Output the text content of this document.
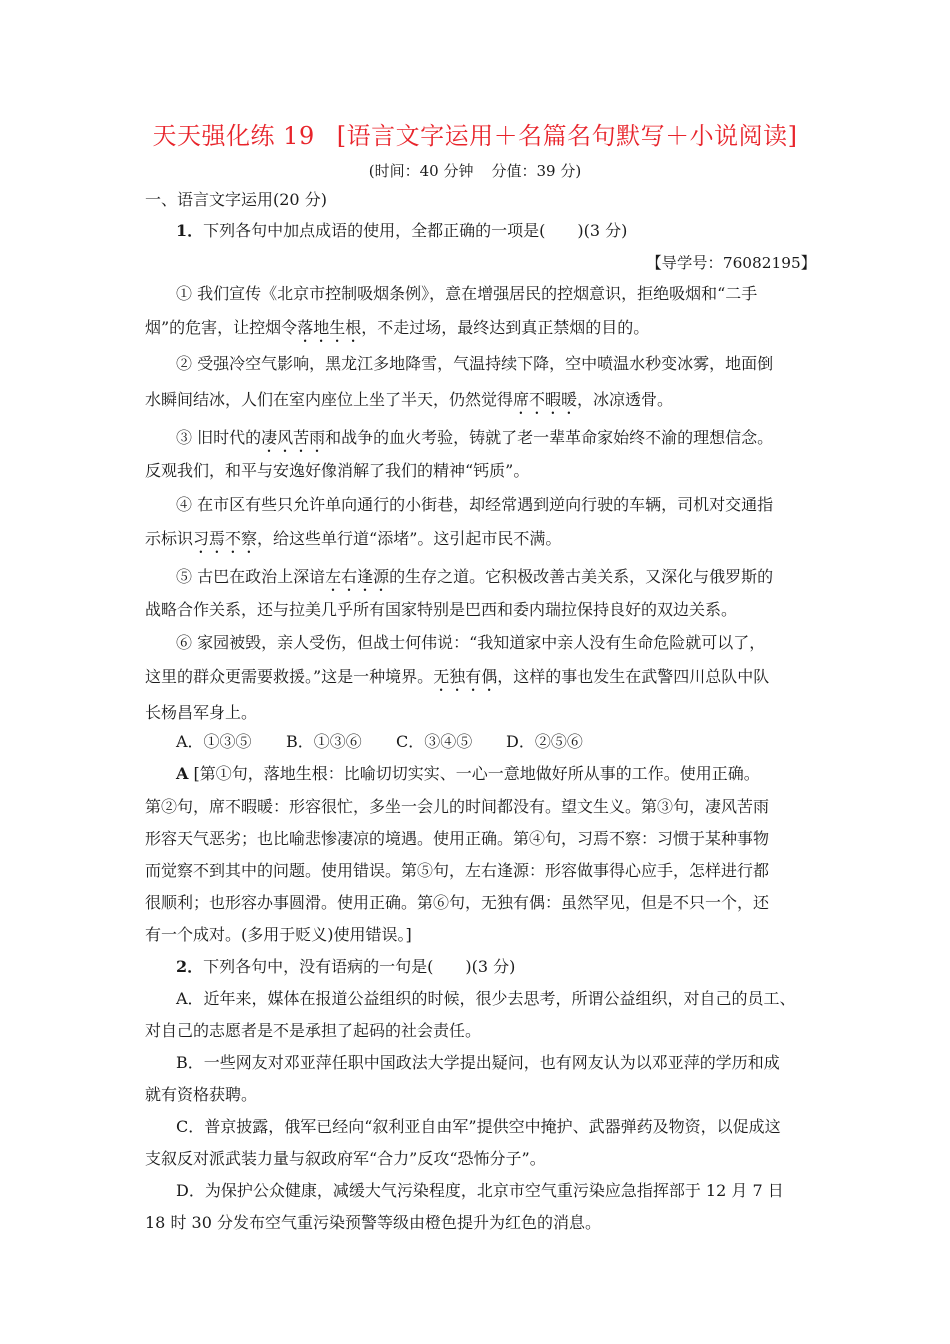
天天强化练 19 [语言文字运用＋名篇名句默写＋小说阅读]
(时间：40 分钟 分值：39 分)
一、语言文字运用(20 分)
1．下列各句中加点成语的使用，全都正确的一项是(　　)(3 分)
【导学号：76082195】
① 我们宣传《北京市控制吸烟条例》，意在增强居民的控烟意识，拒绝吸烟和“二手
烟”的危害，让控烟令落地生根，不走过场，最终达到真正禁烟的目的。
② 受强冷空气影响，黑龙江多地降雪，气温持续下降，空中喷温水秒变冰雾，地面倒
水瞬间结冰，人们在室内座位上坐了半天，仍然觉得席不暇暖，冰凉透骨。
③ 旧时代的凄风苦雨和战争的血火考验，铸就了老一辈革命家始终不渝的理想信念。
反观我们，和平与安逸好像消解了我们的精神“钙质”。
④ 在市区有些只允许单向通行的小街巷，却经常遇到逆向行驶的车辆，司机对交通指
示标识习焉不察，给这些单行道“添堵”。这引起市民不满。
⑤ 古巴在政治上深谙左右逢源的生存之道。它积极改善古美关系，又深化与俄罗斯的
战略合作关系，还与拉美几乎所有国家特别是巴西和委内瑞拉保持良好的双边关系。
⑥ 家园被毁，亲人受伤，但战士何伟说：“我知道家中亲人没有生命危险就可以了，
这里的群众更需要救援。”这是一种境界。无独有偶，这样的事也发生在武警四川总队中队
长杨昌军身上。
A．①③⑤ B．①③⑥ C．③④⑤ D．②⑤⑥
A [第①句，落地生根：比喻切切实实、一心一意地做好所从事的工作。使用正确。
第②句，席不暇暖：形容很忙，多坐一会儿的时间都没有。望文生义。第③句，凄风苦雨
形容天气恶劣；也比喻悲惨凄凉的境遇。使用正确。第④句，习焉不察：习惯于某种事物
而觉察不到其中的问题。使用错误。第⑤句，左右逢源：形容做事得心应手，怎样进行都
很顺利；也形容办事圆滑。使用正确。第⑥句，无独有偶：虽然罕见，但是不只一个，还
有一个成对。(多用于贬义)使用错误。]
2．下列各句中，没有语病的一句是(　　)(3 分)
A．近年来，媒体在报道公益组织的时候，很少去思考，所谓公益组织，对自己的员工、
对自己的志愿者是不是承担了起码的社会责任。
B．一些网友对邓亚萍任职中国政法大学提出疑问，也有网友认为以邓亚萍的学历和成
就有资格获聘。
C．普京披露，俄军已经向“叙利亚自由军”提供空中掩护、武器弹药及物资，以促成这
支叙反对派武装力量与叙政府军“合力”反攻“恐怖分子”。
D．为保护公众健康，减缓大气污染程度，北京市空气重污染应急指挥部于 12 月 7 日
18 时 30 分发布空气重污染预警等级由橙色提升为红色的消息。
